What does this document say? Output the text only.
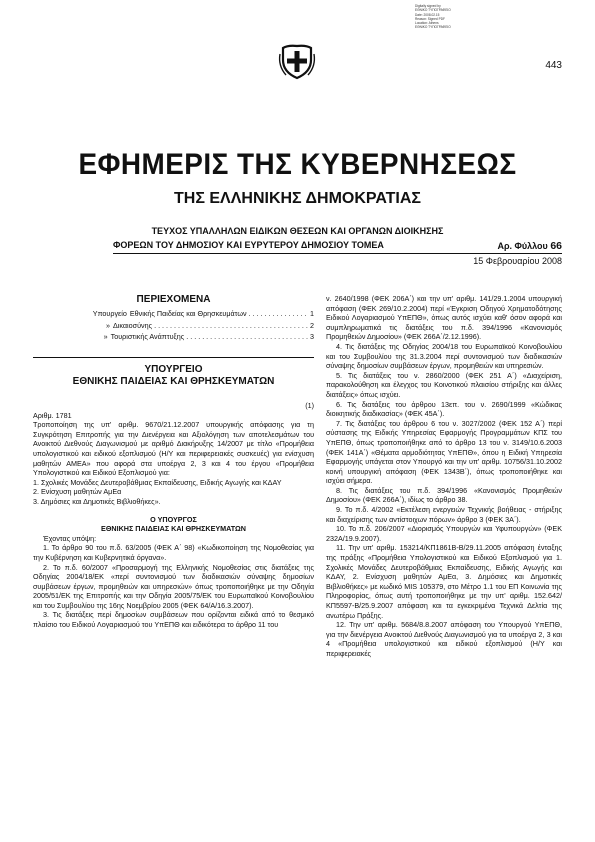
Digitally signed by
ΕΘΝΙΚΟ ΤΥΠΟΓΡΑΦΕΙΟ
Date: 2008.02.15
Reason: Signed PDF
Location: Athens
ΕΘΝΙΚΟ ΤΥΠΟΓΡΑΦΕΙΟ
443
ΕΦΗΜΕΡΙΣ ΤΗΣ ΚΥΒΕΡΝΗΣΕΩΣ
ΤΗΣ ΕΛΛΗΝΙΚΗΣ ΔΗΜΟΚΡΑΤΙΑΣ
ΤΕΥΧΟΣ ΥΠΑΛΛΗΛΩΝ ΕΙΔΙΚΩΝ ΘΕΣΕΩΝ ΚΑΙ ΟΡΓΑΝΩΝ ΔΙΟΙΚΗΣΗΣ
ΦΟΡΕΩΝ ΤΟΥ ΔΗΜΟΣΙΟΥ ΚΑΙ ΕΥΡΥΤΕΡΟΥ ΔΗΜΟΣΙΟΥ ΤΟΜΕΑ	Αρ. Φύλλου 66
15 Φεβρουαρίου 2008
ΠΕΡΙΕΧΟΜΕΝΑ
Υπουργείο Εθνικής Παιδείας και Θρησκευμάτων . . . . . . . . . . . . . . . 1
» Δικαιοσύνης . . . . . . . . . . . . . . . . . . . . . . . . . . . . . . . . . . . . . . . 2
» Τουριστικής Ανάπτυξης . . . . . . . . . . . . . . . . . . . . . . . . . . . . . . . 3
ΥΠΟΥΡΓΕΙΟ
ΕΘΝΙΚΗΣ ΠΑΙΔΕΙΑΣ ΚΑΙ ΘΡΗΣΚΕΥΜΑΤΩΝ
(1)

Αριθμ. 1781

Τροποποίηση της υπ' αριθμ. 9670/21.12.2007 υπουργικής απόφασης για τη Συγκρότηση Επιτροπής για την Διενέργεια και Αξιολόγηση των αποτελεσμάτων του Ανοικτού Διεθνούς Διαγωνισμού με αριθμό Διακήρυξης 14/2007 με τίτλο «Προμήθεια υπολογιστικού και ειδικού εξοπλισμού (Η/Υ και περιφερειακές συσκευές) για ενίσχυση μαθητών ΑΜΕΑ» που αφορά στα υποέργα 2, 3 και 4 του έργου «Προμήθεια Υπολογιστικού και Ειδικού Εξοπλισμού για:

1. Σχολικές Μονάδες Δευτεροβάθμιας Εκπαίδευσης, Ειδικής Αγωγής και ΚΔΑΥ

2. Ενίσχυση μαθητών ΑμΕα

3. Δημόσιες και Δημοτικές Βιβλιοθήκες».

Ο ΥΠΟΥΡΓΟΣ
ΕΘΝΙΚΗΣ ΠΑΙΔΕΙΑΣ ΚΑΙ ΘΡΗΣΚΕΥΜΑΤΩΝ

Έχοντας υπόψη:

1. Το άρθρο 90 του π.δ. 63/2005 (ΦΕΚ Α΄ 98) «Κωδικοποίηση της Νομοθεσίας για την Κυβέρνηση και Κυβερνητικά όργανα».

2. Το π.δ. 60/2007 «Προσαρμογή της Ελληνικής Νομοθεσίας στις διατάξεις της Οδηγίας 2004/18/ΕΚ «περί συντονισμού των διαδικασιών σύναψης δημοσίων συμβάσεων έργων, προμηθειών και υπηρεσιών» όπως τροποποιήθηκε με την Οδηγία 2005/51/ΕΚ της Επιτροπής και την Οδηγία 2005/75/ΕΚ του Ευρωπαϊκού Κοινοβουλίου και του Συμβουλίου της 16ης Νοεμβρίου 2005 (ΦΕΚ 64/Α/16.3.2007).

3. Τις διατάξεις περί δημοσίων συμβάσεων που ορίζονται ειδικά από το θεσμικό πλαίσιο του Ειδικού Λογαριασμού του ΥπΕΠΘ και ειδικότερα το άρθρο 11 του

ν. 2640/1998 (ΦΕΚ 206Α΄) και την υπ' αριθμ. 141/29.1.2004 υπουργική απόφαση (ΦΕΚ 269/10.2.2004) περί «Έγκριση Οδηγού Χρηματοδότησης Ειδικού Λογαριασμού ΥπΕΠΘ», όπως αυτός ισχύει καθ' όσον αφορά και συμπληρωματικά τις διατάξεις του π.δ. 394/1996 «Κανονισμός Προμηθειών Δημοσίου» (ΦΕΚ 266Α΄/2.12.1996).

4. Τις διατάξεις της Οδηγίας 2004/18 του Ευρωπαϊκού Κοινοβουλίου και του Συμβουλίου της 31.3.2004 περί συντονισμού των διαδικασιών σύναψης δημοσίων συμβάσεων έργων, προμηθειών και υπηρεσιών.

5. Τις διατάξεις του ν. 2860/2000 (ΦΕΚ 251 Α΄) «Διαχείριση, παρακολούθηση και έλεγχος του Κοινοτικού πλαισίου στήριξης και άλλες διατάξεις» όπως ισχύει.

6. Τις διατάξεις του άρθρου 13επ. του ν. 2690/1999 «Κώδικας διοικητικής διαδικασίας» (ΦΕΚ 45Α΄).

7. Τις διατάξεις του άρθρου 6 του ν. 3027/2002 (ΦΕΚ 152 Α΄) περί σύστασης της Ειδικής Υπηρεσίας Εφαρμογής Προγραμμάτων ΚΠΣ του ΥπΕΠΘ, όπως τροποποιήθηκε από το άρθρο 13 του ν. 3149/10.6.2003 (ΦΕΚ 141Α΄) «Θέματα αρμοδιότητας ΥπΕΠΘ», όπου η Ειδική Υπηρεσία Εφαρμογής υπάγεται στον Υπουργό και την υπ' αριθμ. 10756/31.10.2002 κοινή υπουργική απόφαση (ΦΕΚ 1343Β΄), όπως τροποποιήθηκε και ισχύει σήμερα.

8. Τις διατάξεις του π.δ. 394/1996 «Κανονισμός Προμηθειών Δημοσίου» (ΦΕΚ 266Α΄), ιδίως το άρθρο 38.

9. Το π.δ. 4/2002 «Εκτέλεση ενεργειών Τεχνικής βοήθειας - στήριξης και διαχείρισης των αντίστοιχων πόρων» άρθρο 3 (ΦΕΚ 3Α΄).

10. Το π.δ. 206/2007 «Διορισμός Υπουργών και Υφυπουργών» (ΦΕΚ 232Α/19.9.2007).

11. Την υπ' αριθμ. 153214/ΚΠ1861Β-Β/29.11.2005 απόφαση ένταξης της πράξης «Προμήθεια Υπολογιστικού και Ειδικού Εξοπλισμού για 1. Σχολικές Μονάδες Δευτεροβάθμιας Εκπαίδευσης, Ειδικής Αγωγής και ΚΔΑΥ, 2. Ενίσχυση μαθητών ΑμΕα, 3. Δημόσιες και Δημοτικές Βιβλιοθήκες» με κωδικό MIS 105379, στο Μέτρο 1.1 του ΕΠ Κοινωνία της Πληροφορίας, όπως αυτή τροποποιήθηκε με την υπ' αριθμ. 152.642/ΚΠ5597-Β/25.9.2007 απόφαση και τα εγκεκριμένα Τεχνικά Δελτία της ανωτέρω Πράξης.

12. Την υπ' αριθμ. 5684/8.8.2007 απόφαση του Υπουργού ΥπΕΠΘ, για την διενέργεια Ανοικτού Διεθνούς Διαγωνισμού για τα υποέργα 2, 3 και 4 «Προμήθεια υπολογιστικού και ειδικού εξοπλισμού (Η/Υ και περιφερειακές
